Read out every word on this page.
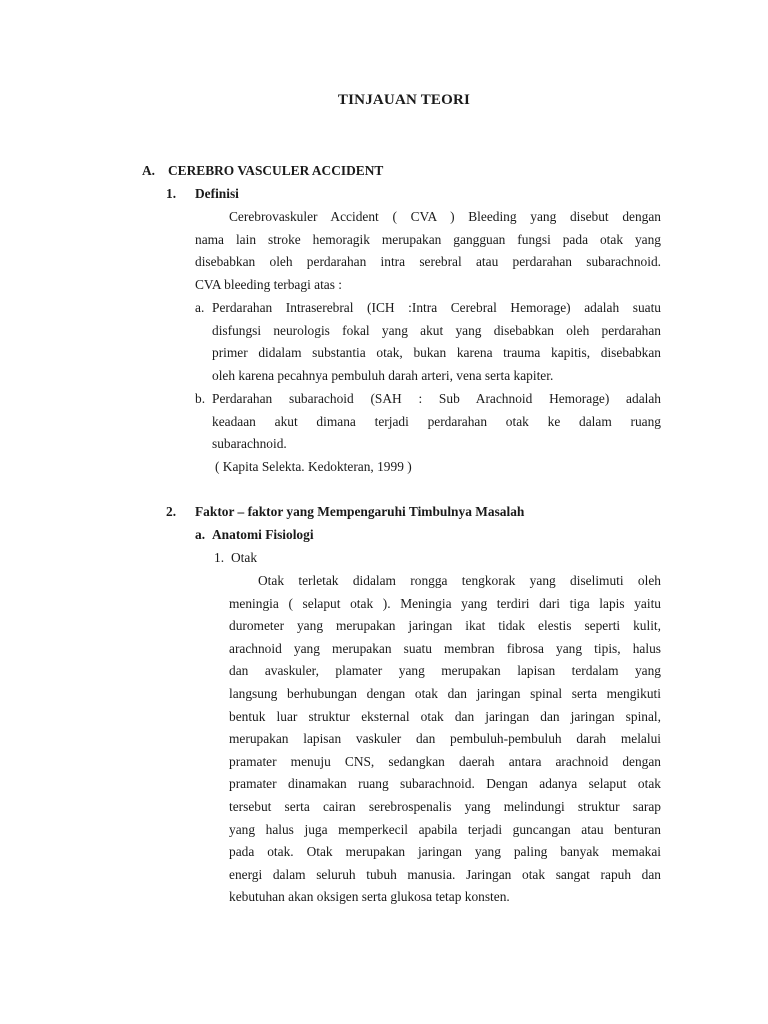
TINJAUAN TEORI
A. CEREBRO VASCULER ACCIDENT
1. Definisi
Cerebrovaskuler Accident ( CVA ) Bleeding yang disebut dengan
nama lain stroke hemoragik merupakan gangguan fungsi pada otak yang
disebabkan oleh perdarahan intra serebral atau perdarahan subarachnoid.
CVA bleeding terbagi atas :
a. Perdarahan Intraserebral (ICH :Intra Cerebral Hemorage) adalah suatu
disfungsi neurologis fokal yang akut yang disebabkan oleh perdarahan
primer didalam substantia otak, bukan karena trauma kapitis, disebabkan
oleh karena pecahnya pembuluh darah arteri, vena serta kapiter.
b. Perdarahan subarachoid (SAH : Sub Arachnoid Hemorage) adalah
keadaan akut dimana terjadi perdarahan otak ke dalam ruang
subarachnoid.
( Kapita Selekta. Kedokteran, 1999 )
2. Faktor – faktor yang Mempengaruhi Timbulnya Masalah
a. Anatomi Fisiologi
1. Otak
Otak terletak didalam rongga tengkorak yang diselimuti oleh
meningia ( selaput otak ). Meningia yang terdiri dari tiga lapis yaitu
durometer yang merupakan jaringan ikat tidak elestis seperti kulit,
arachnoid yang merupakan suatu membran fibrosa yang tipis, halus
dan avaskuler, plamater yang merupakan lapisan terdalam yang
langsung berhubungan dengan otak dan jaringan spinal serta mengikuti
bentuk luar struktur eksternal otak dan jaringan dan jaringan spinal,
merupakan lapisan vaskuler dan pembuluh-pembuluh darah melalui
pramater menuju CNS, sedangkan daerah antara arachnoid dengan
pramater dinamakan ruang subarachnoid. Dengan adanya selaput otak
tersebut serta cairan serebrospenalis yang melindungi struktur sarap
yang halus juga memperkecil apabila terjadi guncangan atau benturan
pada otak. Otak merupakan jaringan yang paling banyak memakai
energi dalam seluruh tubuh manusia. Jaringan otak sangat rapuh dan
kebutuhan akan oksigen serta glukosa tetap konsten.
